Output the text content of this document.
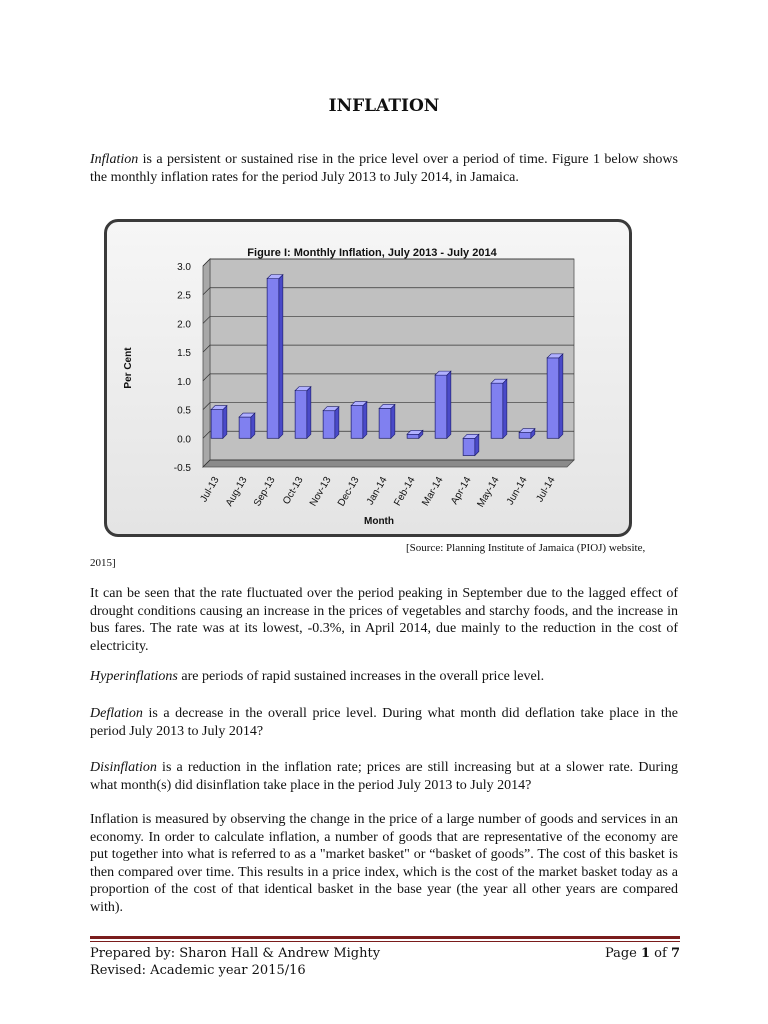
INFLATION

Inflation is a persistent or sustained rise in the price level over a period of time. Figure 1 below shows the monthly inflation rates for the period July 2013 to July 2014, in Jamaica.

Figure I: Monthly Inflation, July 2013 - July 2014
3.0
2.5
2.0
1.5
1.0
0.5
0.0
-0.5
Jul-13 Aug-13 Sep-13 Oct-13 Nov-13 Dec-13 Jan-14 Feb-14 Mar-14 Apr-14 May-14 Jun-14 Jul-14
Per Cent
Month
[Source: Planning Institute of Jamaica (PIOJ) website,
2015]

It can be seen that the rate fluctuated over the period peaking in September due to the lagged effect of drought conditions causing an increase in the prices of vegetables and starchy foods, and the increase in bus fares. The rate was at its lowest, -0.3%, in April 2014, due mainly to the reduction in the cost of electricity.

Hyperinflations are periods of rapid sustained increases in the overall price level.

Deflation is a decrease in the overall price level. During what month did deflation take place in the period July 2013 to July 2014?

Disinflation is a reduction in the inflation rate; prices are still increasing but at a slower rate. During what month(s) did disinflation take place in the period July 2013 to July 2014?

Inflation is measured by observing the change in the price of a large number of goods and services in an economy. In order to calculate inflation, a number of goods that are representative of the economy are put together into what is referred to as a "market basket" or “basket of goods”. The cost of this basket is then compared over time. This results in a price index, which is the cost of the market basket today as a proportion of the cost of that identical basket in the base year (the year all other years are compared with).

Prepared by: Sharon Hall & Andrew Mighty
Revised: Academic year 2015/16
Page 1 of 7
